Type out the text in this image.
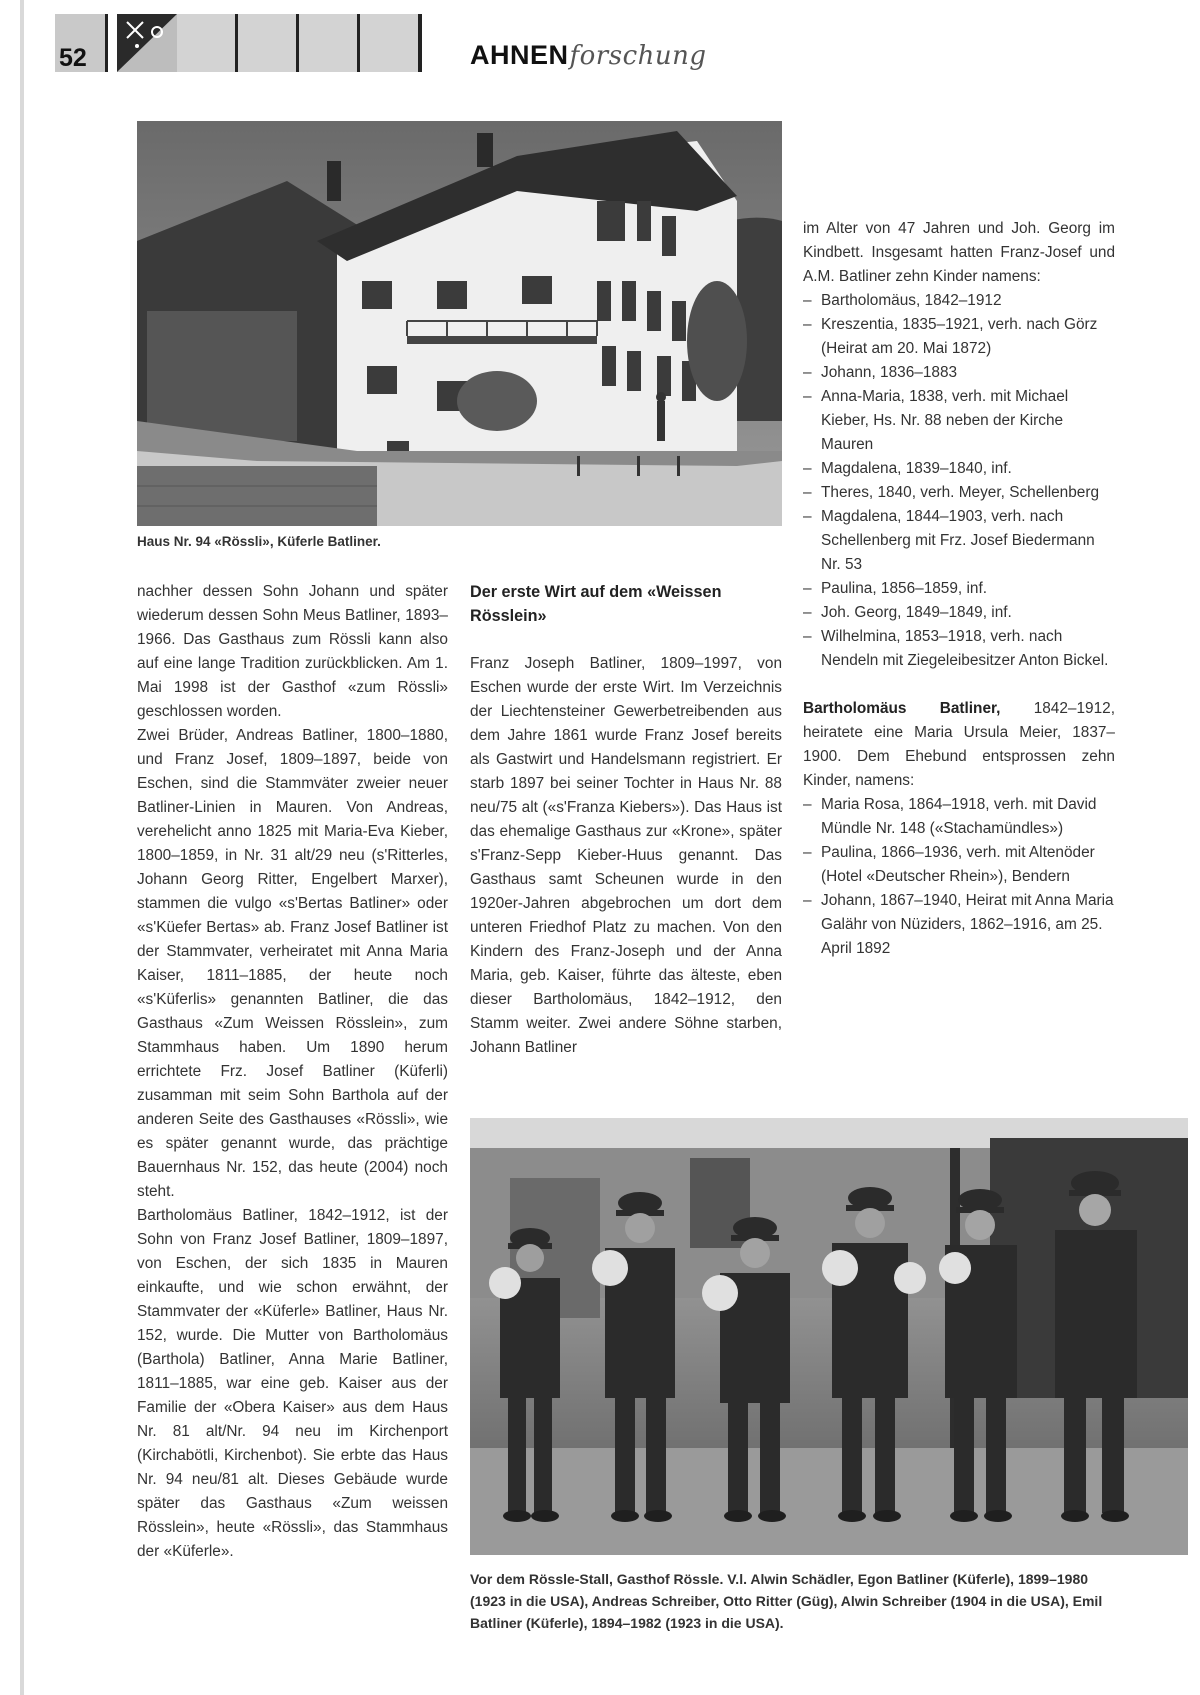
52	AHNENforschung
Haus Nr. 94 «Rössli», Küferle Batliner.

nachher dessen Sohn Johann und später wiederum dessen Sohn Meus Batliner, 1893–1966. Das Gasthaus zum Rössli kann also auf eine lange Tradition zurückblicken. Am 1. Mai 1998 ist der Gasthof «zum Rössli» geschlossen worden.

Zwei Brüder, Andreas Batliner, 1800–1880, und Franz Josef, 1809–1897, beide von Eschen, sind die Stammväter zweier neuer Batliner-Linien in Mauren. Von Andreas, verehelicht anno 1825 mit Maria-Eva Kieber, 1800–1859, in Nr. 31 alt/29 neu (s'Ritterles, Johann Georg Ritter, Engelbert Marxer), stammen die vulgo «s'Bertas Batliner» oder «s'Küefer Bertas» ab. Franz Josef Batliner ist der Stammvater, verheiratet mit Anna Maria Kaiser, 1811–1885, der heute noch «s'Küferlis» genannten Batliner, die das Gasthaus «Zum Weissen Rösslein», zum Stammhaus haben. Um 1890 herum errichtete Frz. Josef Batliner (Küferli) zusamman mit seim Sohn Barthola auf der anderen Seite des Gasthauses «Rössli», wie es später genannt wurde, das prächtige Bauernhaus Nr. 152, das heute (2004) noch steht.

Bartholomäus Batliner, 1842–1912, ist der Sohn von Franz Josef Batliner, 1809–1897, von Eschen, der sich 1835 in Mauren einkaufte, und wie schon erwähnt, der Stammvater der «Küferle» Batliner, Haus Nr. 152, wurde. Die Mutter von Bartholomäus (Barthola) Batliner, Anna Marie Batliner, 1811–1885, war eine geb. Kaiser aus der Familie der «Obera Kaiser» aus dem Haus Nr. 81 alt/Nr. 94 neu im Kirchenport (Kirchabötli, Kirchenbot). Sie erbte das Haus Nr. 94 neu/81 alt. Dieses Gebäude wurde später das Gasthaus «Zum weissen Rösslein», heute «Rössli», das Stammhaus der «Küferle».

Der erste Wirt auf dem «Weissen Rösslein»

Franz Joseph Batliner, 1809–1997, von Eschen wurde der erste Wirt. Im Verzeichnis der Liechtensteiner Gewerbetreibenden aus dem Jahre 1861 wurde Franz Josef bereits als Gastwirt und Handelsmann registriert. Er starb 1897 bei seiner Tochter in Haus Nr. 88 neu/75 alt («s'Franza Kiebers»). Das Haus ist das ehemalige Gasthaus zur «Krone», später s'Franz-Sepp Kieber-Huus genannt. Das Gasthaus samt Scheunen wurde in den 1920er-Jahren abgebrochen um dort dem unteren Friedhof Platz zu machen. Von den Kindern des Franz-Joseph und der Anna Maria, geb. Kaiser, führte das älteste, eben dieser Bartholomäus, 1842–1912, den Stamm weiter. Zwei andere Söhne starben, Johann Batliner

im Alter von 47 Jahren und Joh. Georg im Kindbett. Insgesamt hatten Franz-Josef und A.M. Batliner zehn Kinder namens:

– Bartholomäus, 1842–1912
– Kreszentia, 1835–1921, verh. nach Görz (Heirat am 20. Mai 1872)
– Johann, 1836–1883
– Anna-Maria, 1838, verh. mit Michael Kieber, Hs. Nr. 88 neben der Kirche Mauren
– Magdalena, 1839–1840, inf.
– Theres, 1840, verh. Meyer, Schellenberg
– Magdalena, 1844–1903, verh. nach Schellenberg mit Frz. Josef Biedermann Nr. 53
– Paulina, 1856–1859, inf.
– Joh. Georg, 1849–1849, inf.
– Wilhelmina, 1853–1918, verh. nach Nendeln mit Ziegeleibesitzer Anton Bickel.

Bartholomäus Batliner, 1842–1912, heiratete eine Maria Ursula Meier, 1837–1900. Dem Ehebund entsprossen zehn Kinder, namens:

– Maria Rosa, 1864–1918, verh. mit David Mündle Nr. 148 («Stachamündles»)
– Paulina, 1866–1936, verh. mit Altenöder (Hotel «Deutscher Rhein»), Bendern
– Johann, 1867–1940, Heirat mit Anna Maria Galähr von Nüziders, 1862–1916, am 25. April 1892
Vor dem Rössle-Stall, Gasthof Rössle. V.l. Alwin Schädler, Egon Batliner (Küferle), 1899–1980 (1923 in die USA), Andreas Schreiber, Otto Ritter (Güg), Alwin Schreiber (1904 in die USA), Emil Batliner (Küferle), 1894–1982 (1923 in die USA).
